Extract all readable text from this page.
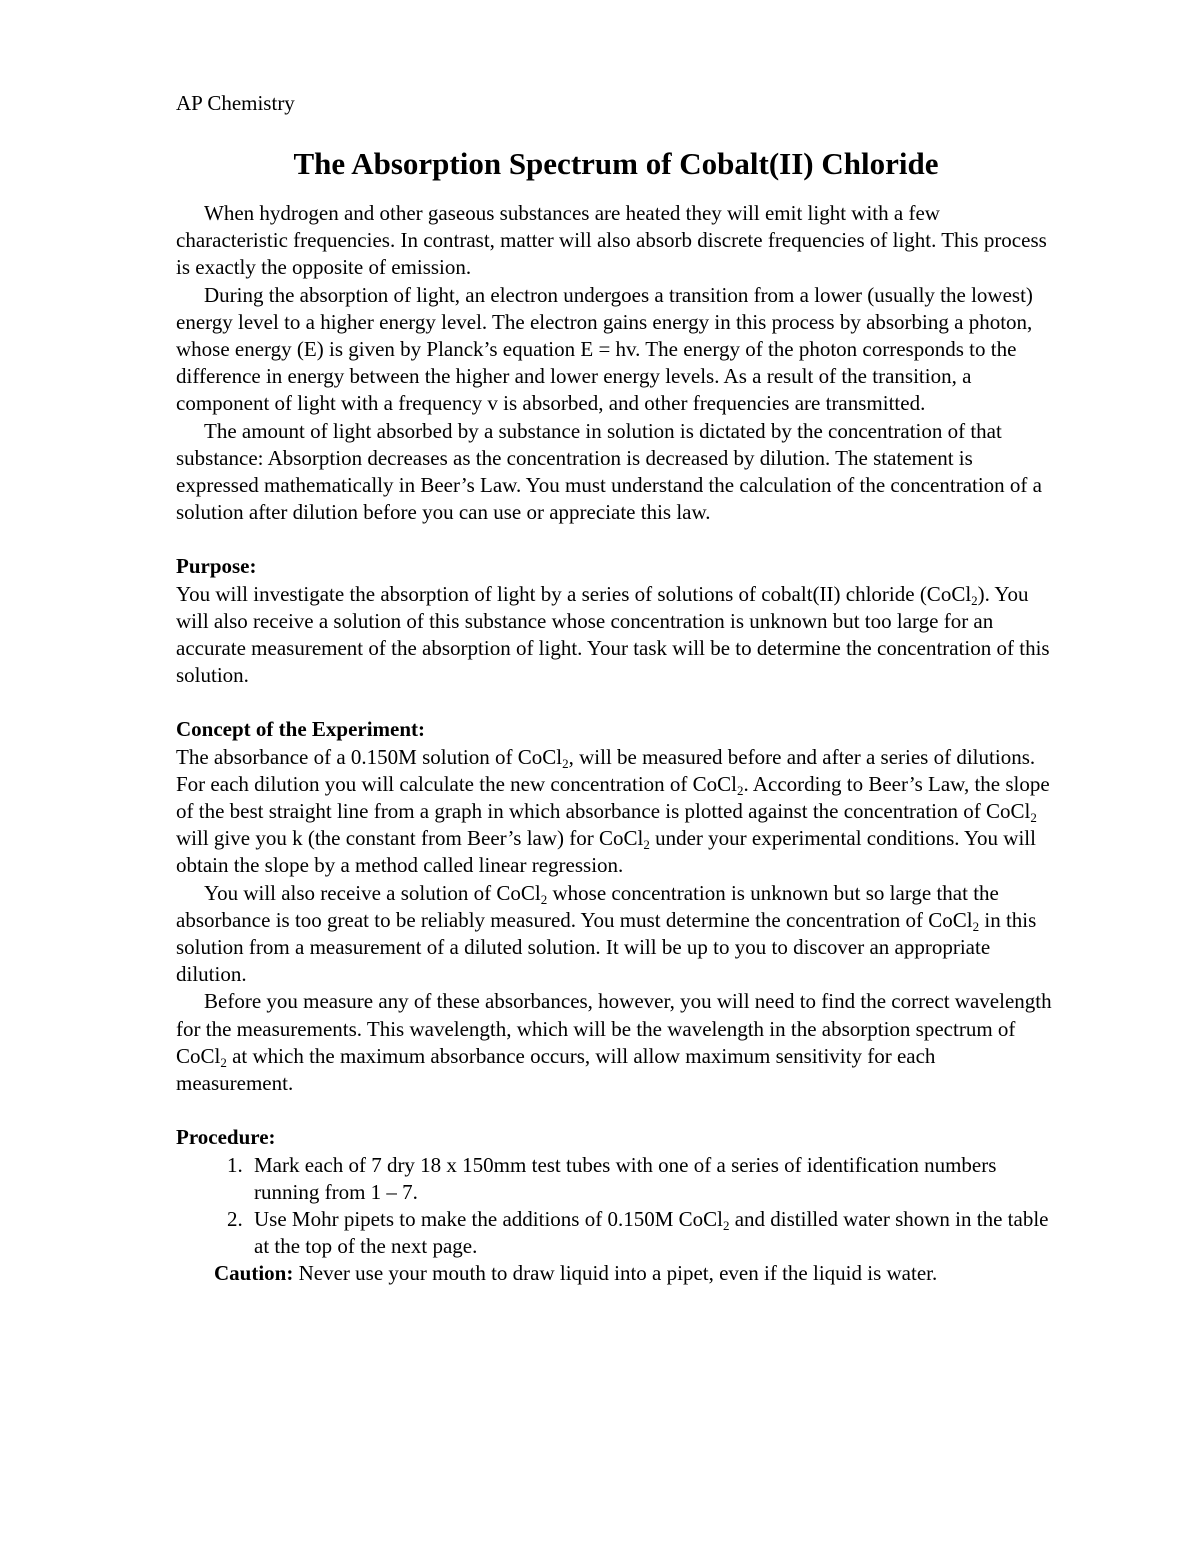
AP Chemistry

The Absorption Spectrum of Cobalt(II) Chloride

When hydrogen and other gaseous substances are heated they will emit light with a few characteristic frequencies. In contrast, matter will also absorb discrete frequencies of light. This process is exactly the opposite of emission.

During the absorption of light, an electron undergoes a transition from a lower (usually the lowest) energy level to a higher energy level. The electron gains energy in this process by absorbing a photon, whose energy (E) is given by Planck’s equation E = hv. The energy of the photon corresponds to the difference in energy between the higher and lower energy levels. As a result of the transition, a component of light with a frequency v is absorbed, and other frequencies are transmitted.

The amount of light absorbed by a substance in solution is dictated by the concentration of that substance: Absorption decreases as the concentration is decreased by dilution. The statement is expressed mathematically in Beer’s Law. You must understand the calculation of the concentration of a solution after dilution before you can use or appreciate this law.

Purpose:

You will investigate the absorption of light by a series of solutions of cobalt(II) chloride (CoCl$_2$). You will also receive a solution of this substance whose concentration is unknown but too large for an accurate measurement of the absorption of light. Your task will be to determine the concentration of this solution.

Concept of the Experiment:

The absorbance of a 0.150M solution of CoCl$_2$, will be measured before and after a series of dilutions. For each dilution you will calculate the new concentration of CoCl$_2$. According to Beer’s Law, the slope of the best straight line from a graph in which absorbance is plotted against the concentration of CoCl$_2$ will give you k (the constant from Beer’s law) for CoCl$_2$ under your experimental conditions. You will obtain the slope by a method called linear regression.

You will also receive a solution of CoCl$_2$ whose concentration is unknown but so large that the absorbance is too great to be reliably measured. You must determine the concentration of CoCl$_2$ in this solution from a measurement of a diluted solution. It will be up to you to discover an appropriate dilution.

Before you measure any of these absorbances, however, you will need to find the correct wavelength for the measurements. This wavelength, which will be the wavelength in the absorption spectrum of CoCl$_2$ at which the maximum absorbance occurs, will allow maximum sensitivity for each measurement.

Procedure:
1. Mark each of 7 dry 18 x 150mm test tubes with one of a series of identification numbers running from 1 – 7.
2. Use Mohr pipets to make the additions of 0.150M CoCl$_2$ and distilled water shown in the table at the top of the next page.

Caution: Never use your mouth to draw liquid into a pipet, even if the liquid is water.
